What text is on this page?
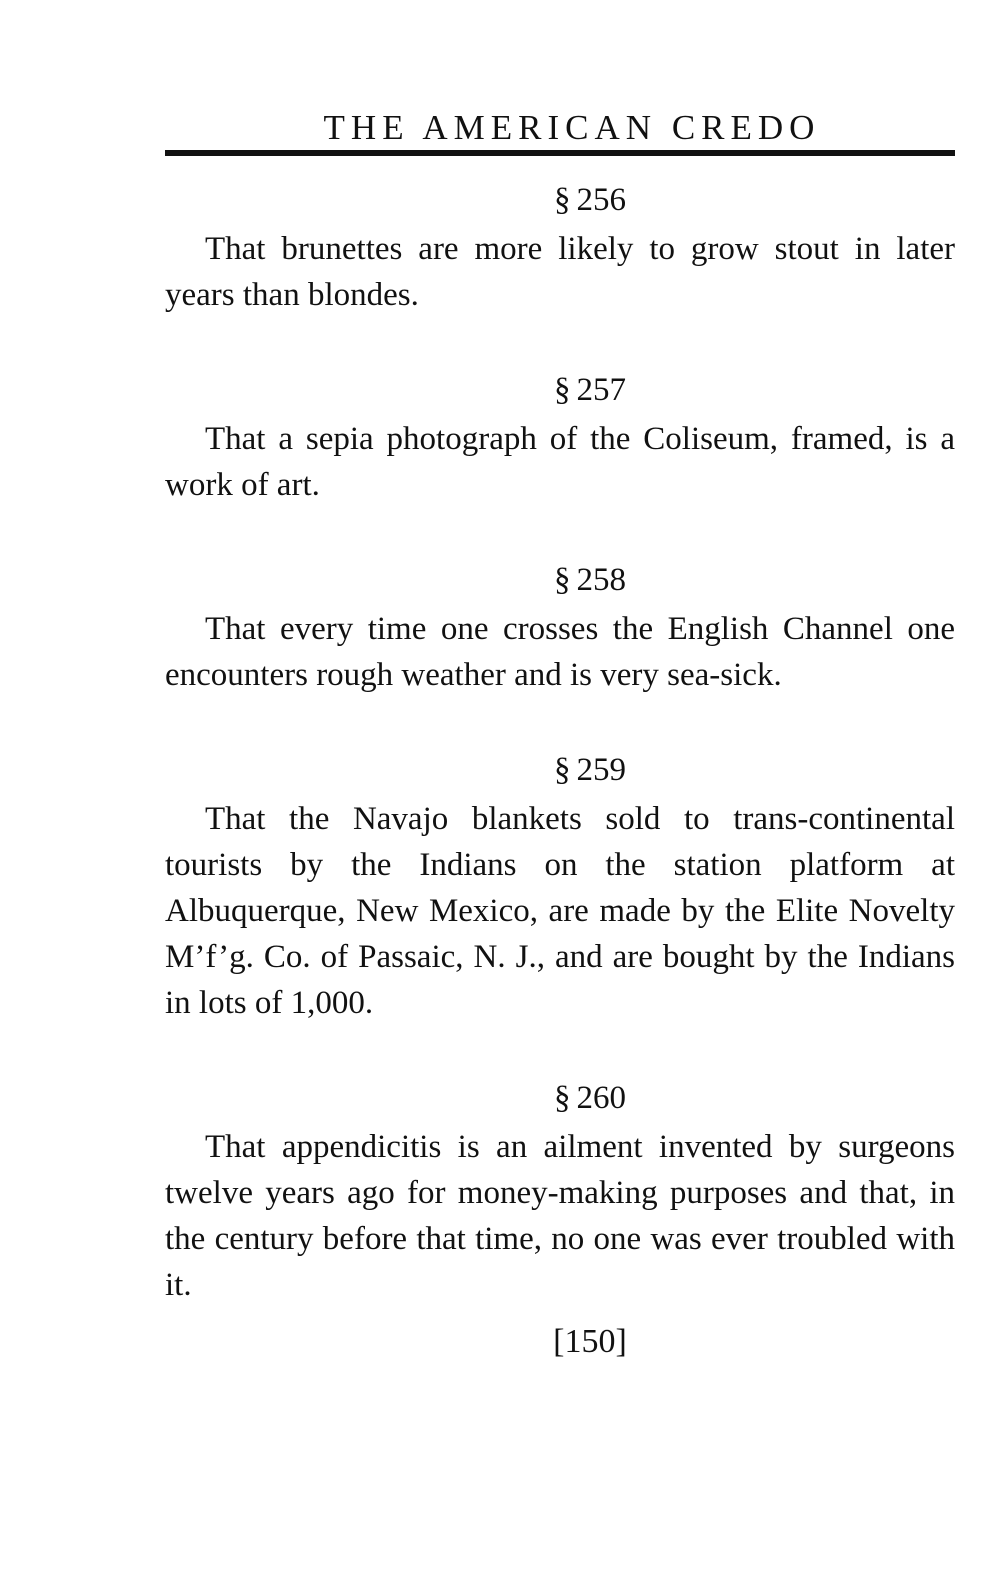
THE AMERICAN CREDO
§ 256

That brunettes are more likely to grow stout in later years than blondes.

§ 257

That a sepia photograph of the Coliseum, framed, is a work of art.

§ 258

That every time one crosses the English Channel one encounters rough weather and is very sea-sick.

§ 259

That the Navajo blankets sold to trans-continental tourists by the Indians on the station platform at Albuquerque, New Mexico, are made by the Elite Novelty M’f’g. Co. of Passaic, N. J., and are bought by the Indians in lots of 1,000.

§ 260

That appendicitis is an ailment invented by surgeons twelve years ago for money-making purposes and that, in the century before that time, no one was ever troubled with it.

[150]
